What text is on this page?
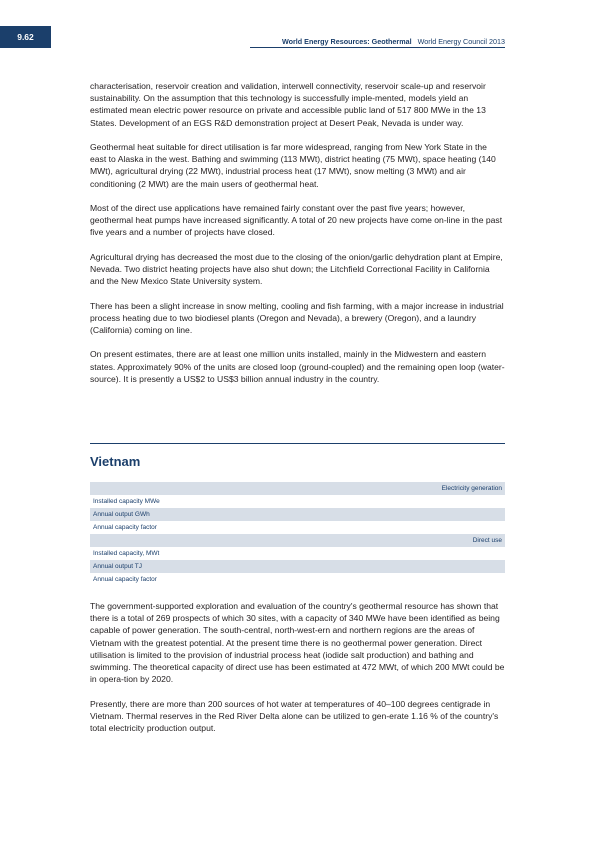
9.62	World Energy Resources: Geothermal World Energy Council 2013

characterisation, reservoir creation and validation, interwell connectivity, reservoir scale-up and reservoir sustainability. On the assumption that this technology is successfully imple-mented, models yield an estimated mean electric power resource on private and accessible public land of 517 800 MWe in the 13 States. Development of an EGS R&D demonstration project at Desert Peak, Nevada is under way.

Geothermal heat suitable for direct utilisation is far more widespread, ranging from New York State in the east to Alaska in the west. Bathing and swimming (113 MWt), district heating (75 MWt), space heating (140 MWt), agricultural drying (22 MWt), industrial process heat (17 MWt), snow melting (3 MWt) and air conditioning (2 MWt) are the main users of geothermal heat.

Most of the direct use applications have remained fairly constant over the past five years; however, geothermal heat pumps have increased significantly. A total of 20 new projects have come on-line in the past five years and a number of projects have closed.

Agricultural drying has decreased the most due to the closing of the onion/garlic dehydration plant at Empire, Nevada. Two district heating projects have also shut down; the Litchfield Correctional Facility in California and the New Mexico State University system.

There has been a slight increase in snow melting, cooling and fish farming, with a major increase in industrial process heating due to two biodiesel plants (Oregon and Nevada), a brewery (Oregon), and a laundry (California) coming on line.

On present estimates, there are at least one million units installed, mainly in the Midwestern and eastern states. Approximately 90% of the units are closed loop (ground-coupled) and the remaining open loop (water-source). It is presently a US$2 to US$3 billion annual industry in the country.

Vietnam
Electricity generation
Installed capacity MWe
Annual output GWh
Annual capacity factor
Direct use
Installed capacity, MWt
Annual output TJ
Annual capacity factor

The government-supported exploration and evaluation of the country's geothermal resource has shown that there is a total of 269 prospects of which 30 sites, with a capacity of 340 MWe have been identified as being capable of power generation. The south-central, north-west-ern and northern regions are the areas of Vietnam with the greatest potential. At the present time there is no geothermal power generation. Direct utilisation is limited to the provision of industrial process heat (iodide salt production) and bathing and swimming. The theoretical capacity of direct use has been estimated at 472 MWt, of which 200 MWt could be in opera-tion by 2020.

Presently, there are more than 200 sources of hot water at temperatures of 40–100 degrees centigrade in Vietnam. Thermal reserves in the Red River Delta alone can be utilized to gen-erate 1.16 % of the country's total electricity production output.
